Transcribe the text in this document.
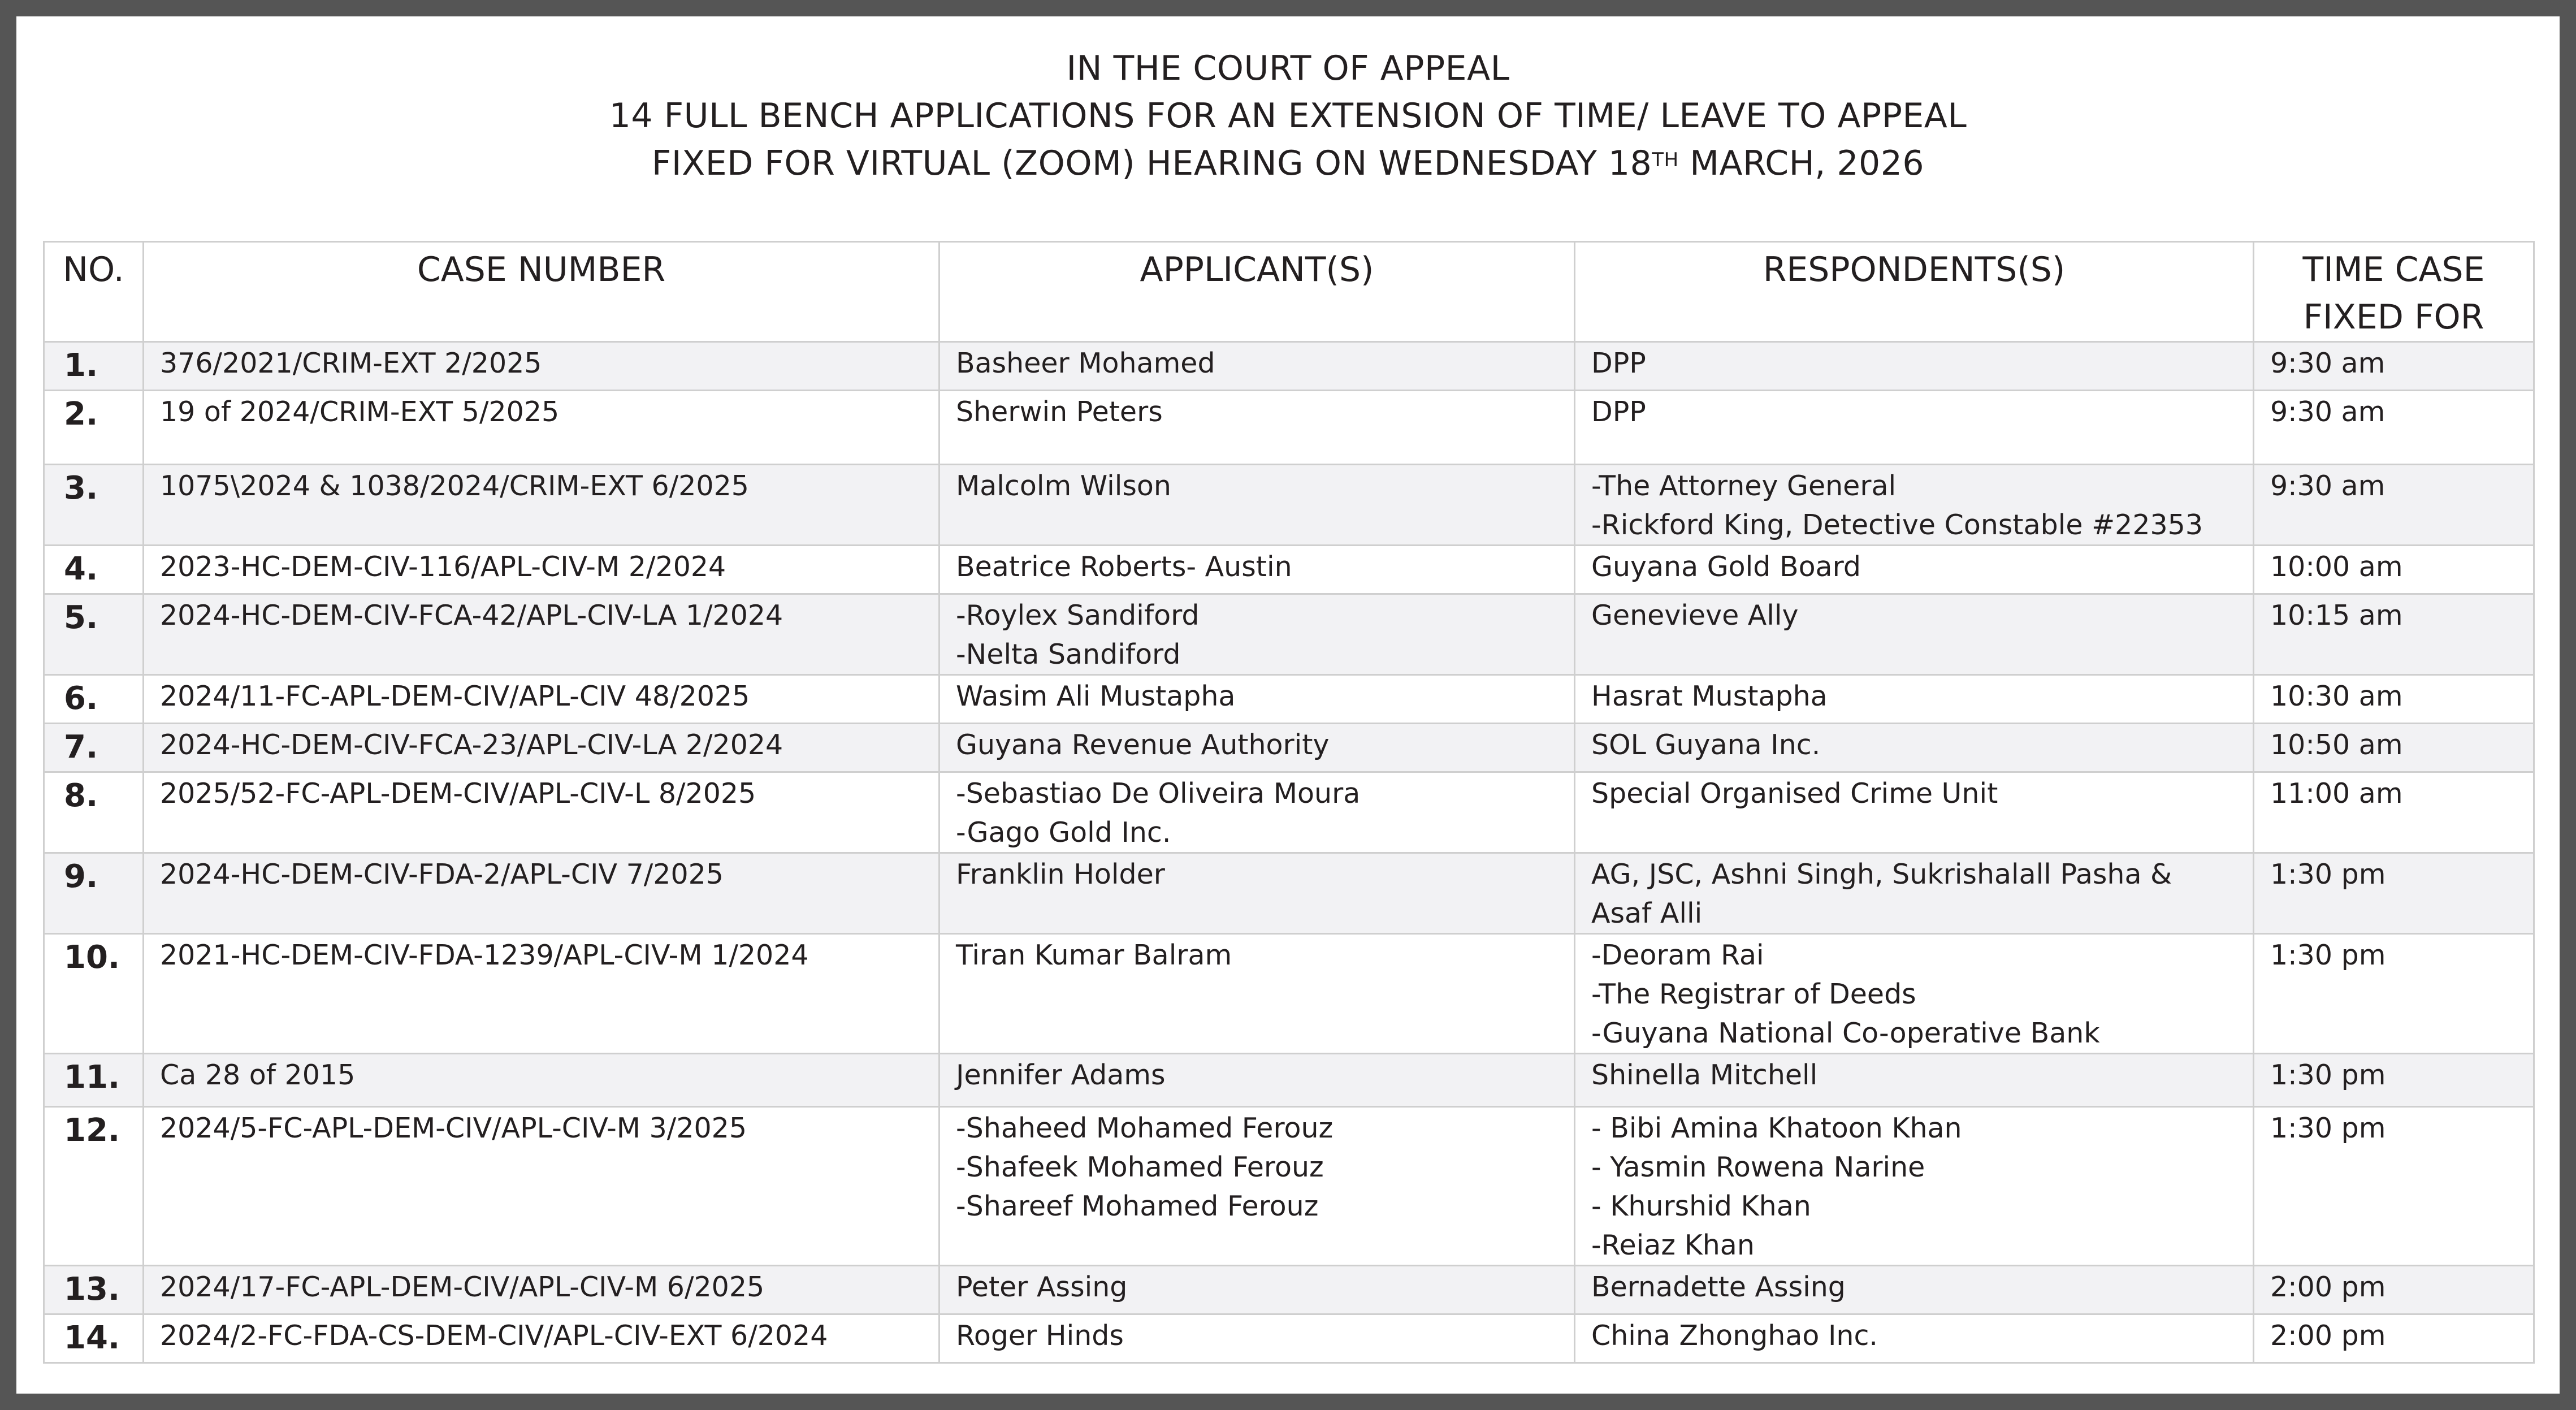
IN THE COURT OF APPEAL
14 FULL BENCH APPLICATIONS FOR AN EXTENSION OF TIME/ LEAVE TO APPEAL
FIXED FOR VIRTUAL (ZOOM) HEARING ON WEDNESDAY 18TH MARCH, 2026
NO.	CASE NUMBER	APPLICANT(S)	RESPONDENTS(S)	TIME CASE
FIXED FOR

1.	376/2021/CRIM-EXT 2/2025	Basheer Mohamed	DPP	9:30 am
2.	19 of 2024/CRIM-EXT 5/2025	Sherwin Peters	DPP	9:30 am
3.	1075\2024 & 1038/2024/CRIM-EXT 6/2025	Malcolm Wilson	-The Attorney General
-Rickford King, Detective Constable #22353	9:30 am
4.	2023-HC-DEM-CIV-116/APL-CIV-M 2/2024	Beatrice Roberts- Austin	Guyana Gold Board	10:00 am
5.	2024-HC-DEM-CIV-FCA-42/APL-CIV-LA 1/2024	-Roylex Sandiford
-Nelta Sandiford	Genevieve Ally	10:15 am
6.	2024/11-FC-APL-DEM-CIV/APL-CIV 48/2025	Wasim Ali Mustapha	Hasrat Mustapha	10:30 am
7.	2024-HC-DEM-CIV-FCA-23/APL-CIV-LA 2/2024	Guyana Revenue Authority	SOL Guyana Inc.	10:50 am
8.	2025/52-FC-APL-DEM-CIV/APL-CIV-L 8/2025	-Sebastiao De Oliveira Moura
-Gago Gold Inc.	Special Organised Crime Unit	11:00 am
9.	2024-HC-DEM-CIV-FDA-2/APL-CIV 7/2025	Franklin Holder	AG, JSC, Ashni Singh, Sukrishalall Pasha &
Asaf Alli	1:30 pm
10.	2021-HC-DEM-CIV-FDA-1239/APL-CIV-M 1/2024	Tiran Kumar Balram	-Deoram Rai
-The Registrar of Deeds
-Guyana National Co-operative Bank	1:30 pm
11.	Ca 28 of 2015	Jennifer Adams	Shinella Mitchell	1:30 pm
12.	2024/5-FC-APL-DEM-CIV/APL-CIV-M 3/2025	-Shaheed Mohamed Ferouz
-Shafeek Mohamed Ferouz
-Shareef Mohamed Ferouz	- Bibi Amina Khatoon Khan
- Yasmin Rowena Narine
- Khurshid Khan
-Reiaz Khan	1:30 pm
13.	2024/17-FC-APL-DEM-CIV/APL-CIV-M 6/2025	Peter Assing	Bernadette Assing	2:00 pm
14.	2024/2-FC-FDA-CS-DEM-CIV/APL-CIV-EXT 6/2024	Roger Hinds	China Zhonghao Inc.	2:00 pm
